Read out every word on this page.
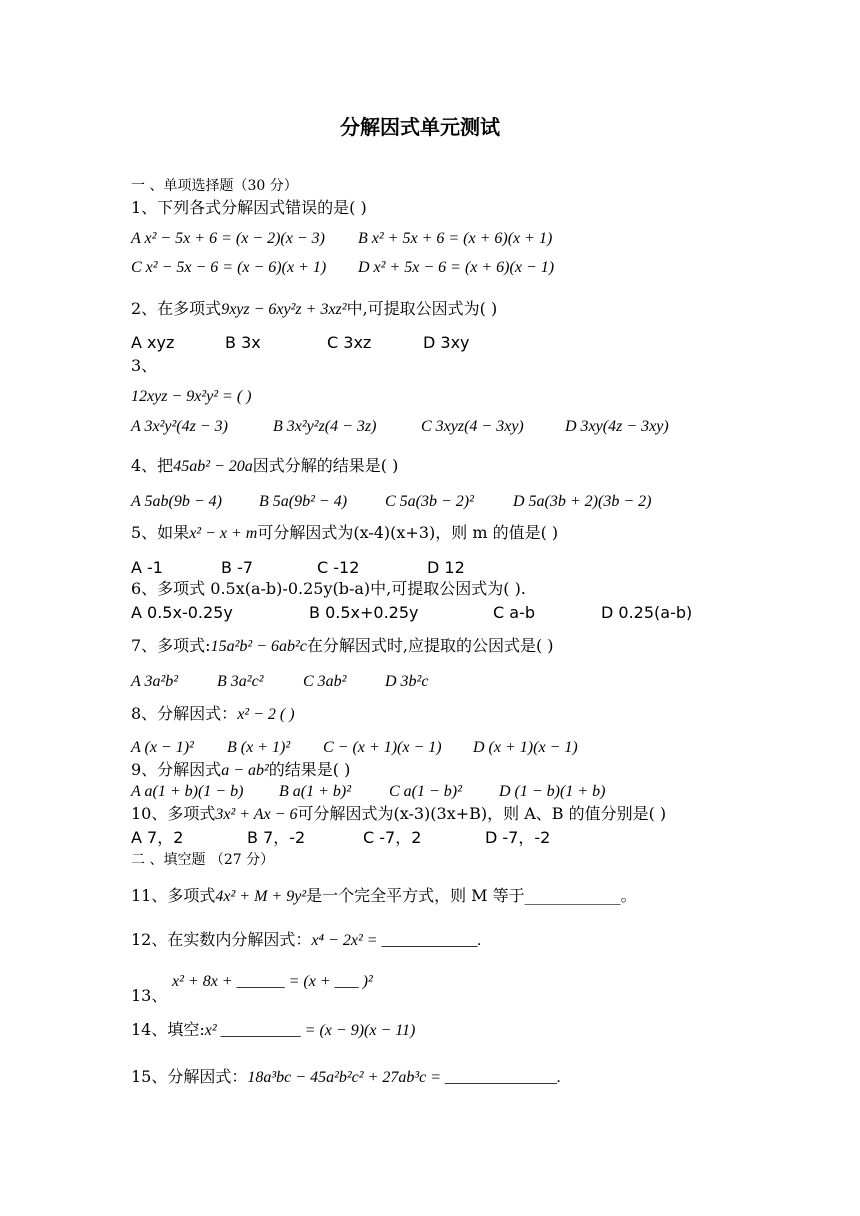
分解因式单元测试
一 、单项选择题（30 分）
1、下列各式分解因式错误的是( )
A x² − 5x + 6 = (x − 2)(x − 3) B x² + 5x + 6 = (x + 6)(x + 1)
C x² − 5x − 6 = (x − 6)(x + 1) D x² + 5x − 6 = (x + 6)(x − 1)
2、在多项式9xyz − 6xy²z + 3xz²中,可提取公因式为( )
A xyz	B 3x	C 3xz	D 3xy
3、
12xyz − 9x²y² = ( )
A 3x²y²(4z − 3)	B 3x²y²z(4 − 3z)	C 3xyz(4 − 3xy)	D 3xy(4z − 3xy)
4、把45ab² − 20a因式分解的结果是( )
A 5ab(9b − 4) B 5a(9b² − 4) C 5a(3b − 2)² D 5a(3b + 2)(3b − 2)
5、如果x² − x + m可分解因式为(x-4)(x+3)，则 m 的值是( )
A -1	B -7	C -12	D 12
6、多项式 0.5x(a-b)-0.25y(b-a)中,可提取公因式为( ).
A 0.5x-0.25y	B 0.5x+0.25y	C a-b	D 0.25(a-b)
7、多项式:15a²b² − 6ab²c在分解因式时,应提取的公因式是( )
A 3a²b² B 3a²c² C 3ab² D 3b²c
8、分解因式：x² − 2 ( )
A (x − 1)² B (x + 1)² C − (x + 1)(x − 1) D (x + 1)(x − 1)
9、分解因式a − ab²的结果是( )
A a(1 + b)(1 − b) B a(1 + b)² C a(1 − b)² D (1 − b)(1 + b)
10、多项式3x² + Ax − 6可分解因式为(x-3)(3x+B)，则 A、B 的值分别是( )
A 7，2	B 7，-2	C -7，2	D -7，-2
二 、填空题 （27 分）
11、多项式4x² + M + 9y²是一个完全平方式，则 M 等于____________。
12、在实数内分解因式：x⁴ − 2x² = ____________.
x² + 8x + ______ = (x + ___ )²
13、
14、填空:x² __________ = (x − 9)(x − 11)
15、分解因式：18a³bc − 45a²b²c² + 27ab³c = ______________.
